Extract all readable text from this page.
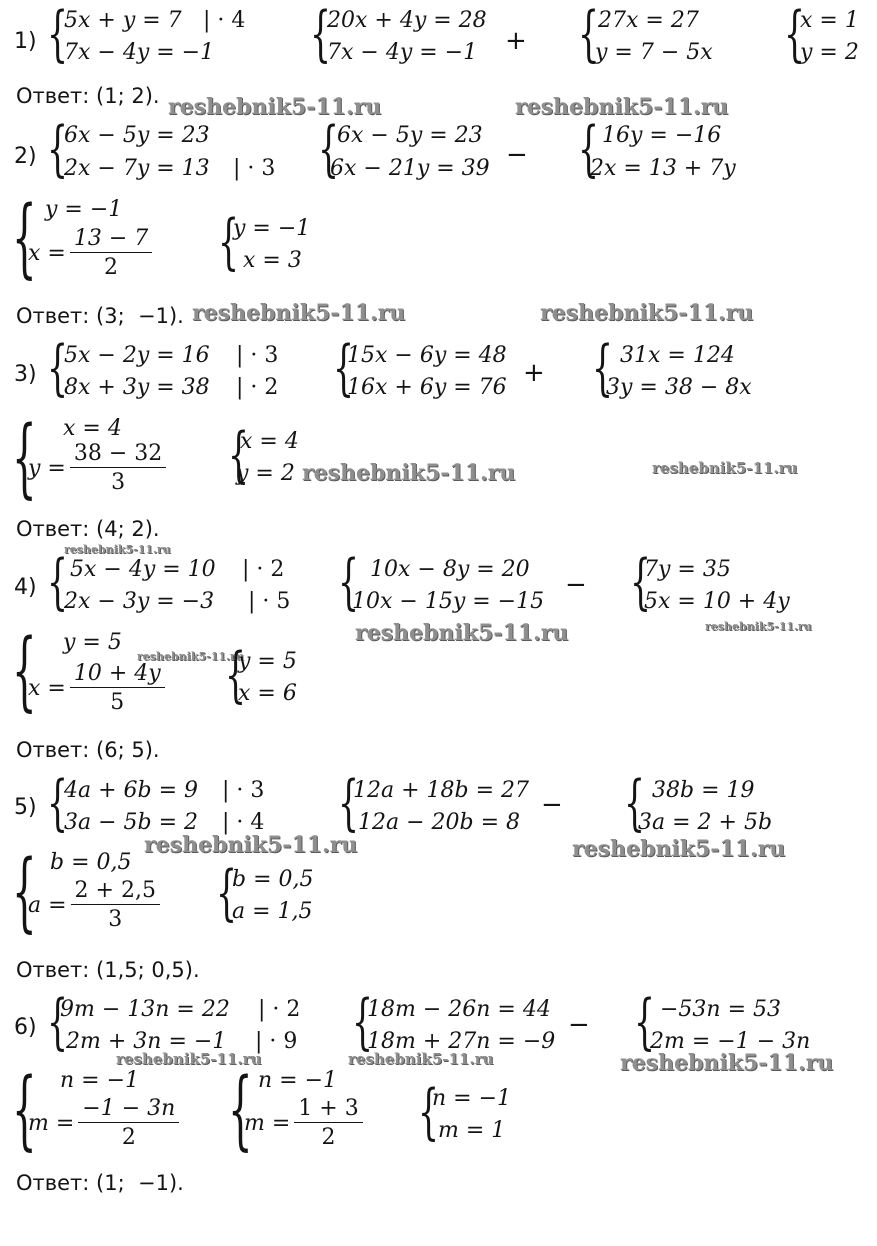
1) {
5x + y = 7
7x − 4y = −1
| · 4 {
20x + 4y = 28
7x − 4y = −1 + {
27x = 27
y = 7 − 5x {
x = 1
y = 2
Ответ: (1; 2). reshebnik5-11.ru	reshebnik5-11.ru
2) {
6x − 5y = 23
2x − 7y = 13 | · 3 {
6x − 5y = 23
6x − 21y = 39 − { 16y = −16
2x = 13 + 7y
{ y = −1
$x = \frac{13 - 7}{2}$ {
y = −1
x = 3
Ответ: (3;  −1). reshebnik5-11.ru	reshebnik5-11.ru
3) {
5x − 2y = 16
8x + 3y = 38
| · 3
| · 2 {
15x − 6y = 48
16x + 6y = 76 + { 31x = 124
3y = 38 − 8x
{ x = 4
$y = \frac{38 - 32}{3}$ {
x = 4
y = 2 reshebnik5-11.ru	reshebnik5-11.ru
Ответ: (4; 2).
reshebnik5-11.ru
4) { 5x − 4y = 10
2x − 3y = −3
| · 2
| · 5 { 10x − 8y = 20
10x − 15y = −15
− {
7y = 35
5x = 10 + 4y
reshebnik5-11.ru	reshebnik5-11.ru
{ y = 5
$x = \frac{10 + 4y}{5}$
reshebnik5-11.ru
{
y = 5
x = 6
Ответ: (6; 5).
5) {
4a + 6b = 9
3a − 5b = 2
| · 3
| · 4 {
12a + 18b = 27
12a − 20b = 8
− { 38b = 19
3a = 2 + 5b
reshebnik5-11.ru	reshebnik5-11.ru
{ b = 0,5
$a = \frac{2 + 2,5}{3}$ {
b = 0,5
a = 1,5
Ответ: (1,5; 0,5).
6) {
9m − 13n = 22
2m + 3n = −1
| · 2
| · 9
reshebnik5-11.ru
{
18m − 26n = 44
18m + 27n = −9
−
reshebnik5-11.ru
{ −53n = 53
2m = −1 − 3n
reshebnik5-11.ru
{ n = −1
$m = \frac{-1 - 3n}{2}$ { n = −1
$m = \frac{1 + 3}{2}$ {
n = −1
m = 1
Ответ: (1;  −1).
